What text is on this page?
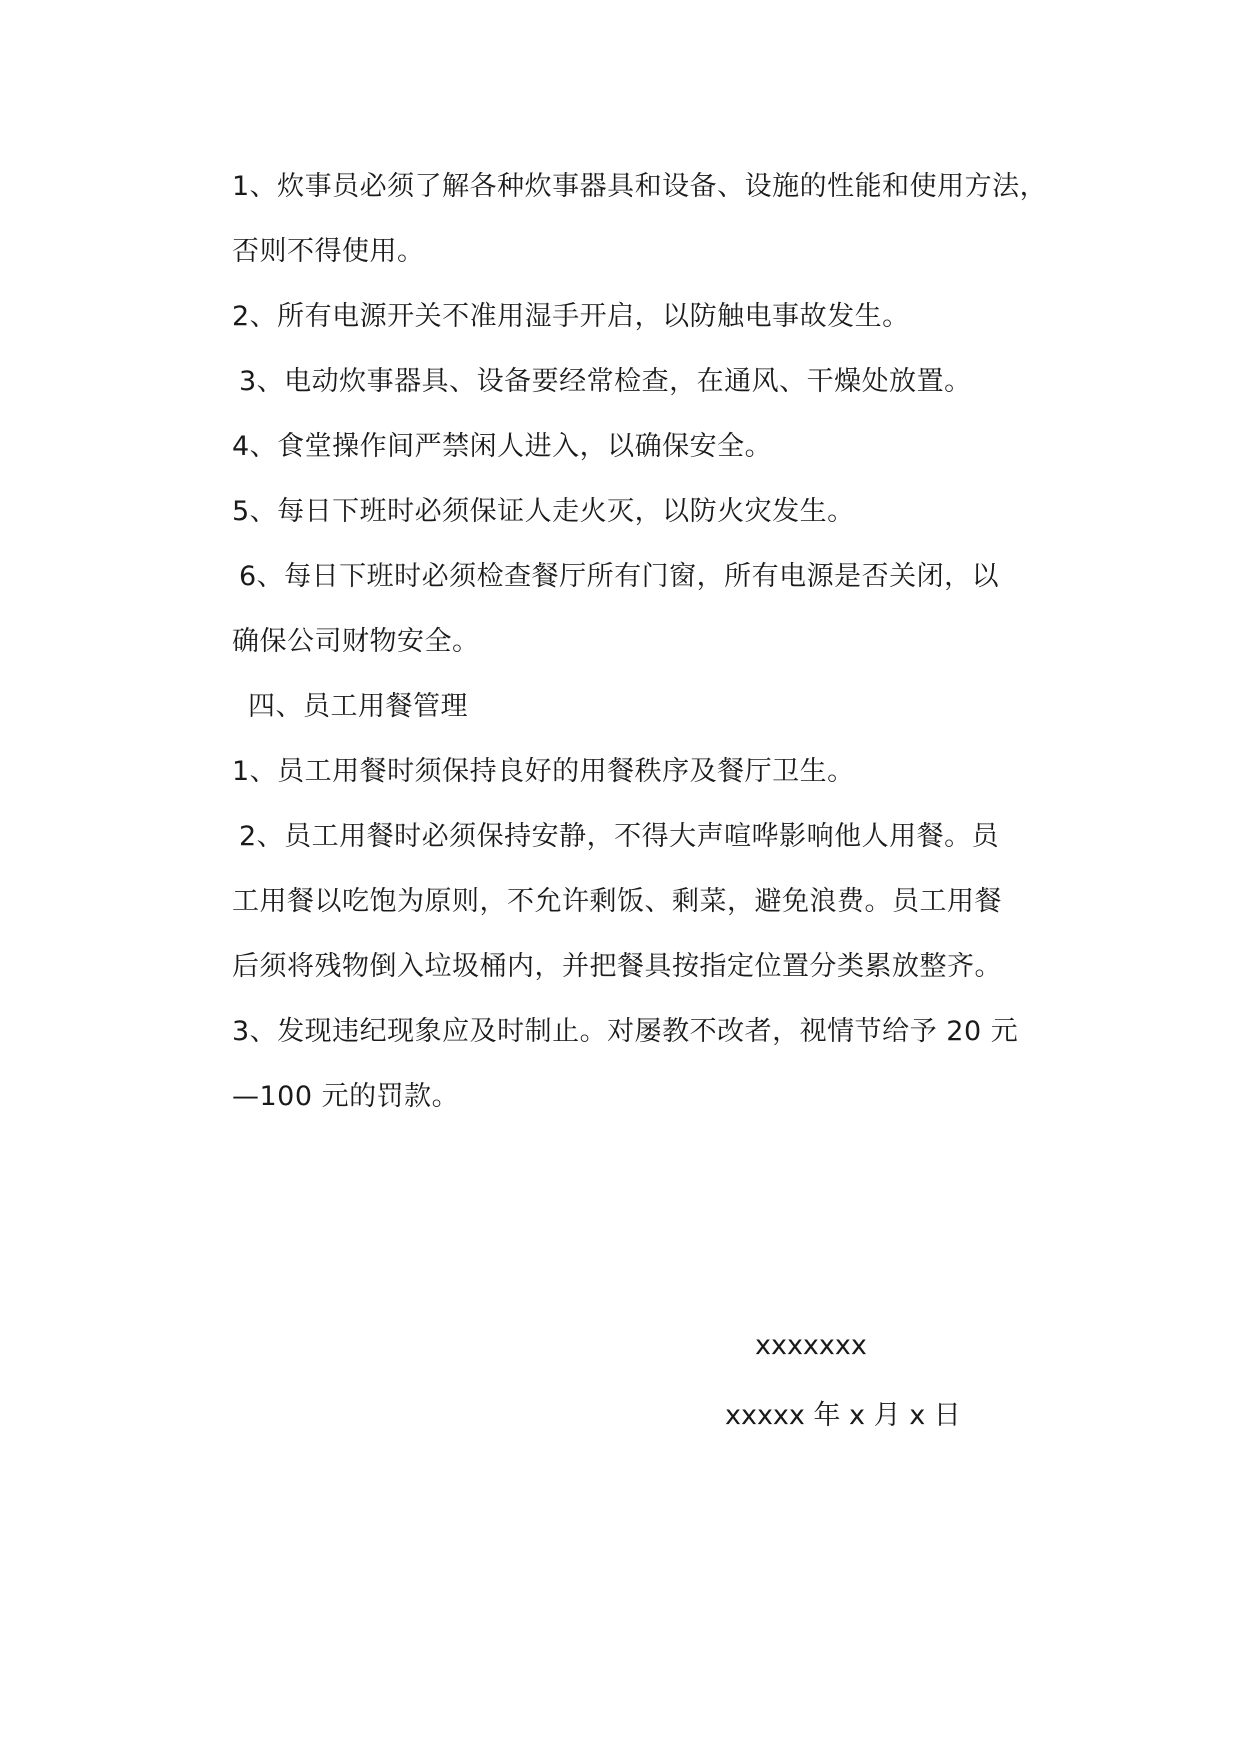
1、炊事员必须了解各种炊事器具和设备、设施的性能和使用方法，
否则不得使用。
2、所有电源开关不准用湿手开启，以防触电事故发生。
3、电动炊事器具、设备要经常检查，在通风、干燥处放置。
4、食堂操作间严禁闲人进入，以确保安全。
5、每日下班时必须保证人走火灭，以防火灾发生。
6、每日下班时必须检查餐厅所有门窗，所有电源是否关闭，以
确保公司财物安全。
四、员工用餐管理
1、员工用餐时须保持良好的用餐秩序及餐厅卫生。
2、员工用餐时必须保持安静，不得大声喧哗影响他人用餐。员
工用餐以吃饱为原则，不允许剩饭、剩菜，避免浪费。员工用餐
后须将残物倒入垃圾桶内，并把餐具按指定位置分类累放整齐。
3、发现违纪现象应及时制止。对屡教不改者，视情节给予 20 元
—100 元的罚款。
xxxxxxx
xxxxx 年 x 月 x 日
